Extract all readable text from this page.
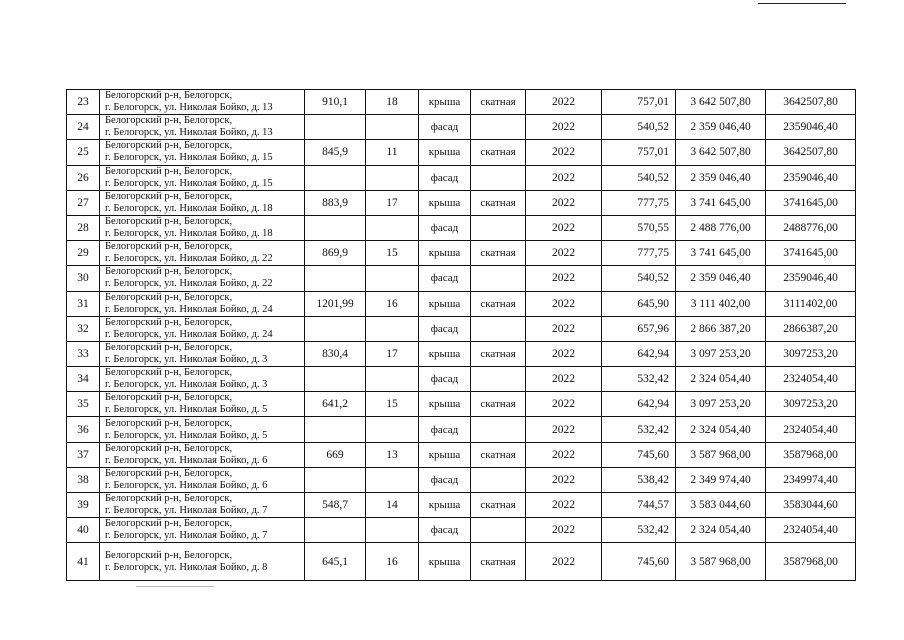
23	Белогорский р-н, Белогорск,
г. Белогорск, ул. Николая Бойко, д. 13	910,1	18	крыша	скатная	2022	757,01	3 642 507,80	3642507,80
24	Белогорский р-н, Белогорск,
г. Белогорск, ул. Николая Бойко, д. 13			фасад		2022	540,52	2 359 046,40	2359046,40
25	Белогорский р-н, Белогорск,
г. Белогорск, ул. Николая Бойко, д. 15	845,9	11	крыша	скатная	2022	757,01	3 642 507,80	3642507,80
26	Белогорский р-н, Белогорск,
г. Белогорск, ул. Николая Бойко, д. 15			фасад		2022	540,52	2 359 046,40	2359046,40
27	Белогорский р-н, Белогорск,
г. Белогорск, ул. Николая Бойко, д. 18	883,9	17	крыша	скатная	2022	777,75	3 741 645,00	3741645,00
28	Белогорский р-н, Белогорск,
г. Белогорск, ул. Николая Бойко, д. 18			фасад		2022	570,55	2 488 776,00	2488776,00
29	Белогорский р-н, Белогорск,
г. Белогорск, ул. Николая Бойко, д. 22	869,9	15	крыша	скатная	2022	777,75	3 741 645,00	3741645,00
30	Белогорский р-н, Белогорск,
г. Белогорск, ул. Николая Бойко, д. 22			фасад		2022	540,52	2 359 046,40	2359046,40
31	Белогорский р-н, Белогорск,
г. Белогорск, ул. Николая Бойко, д. 24	1201,99	16	крыша	скатная	2022	645,90	3 111 402,00	3111402,00
32	Белогорский р-н, Белогорск,
г. Белогорск, ул. Николая Бойко, д. 24			фасад		2022	657,96	2 866 387,20	2866387,20
33	Белогорский р-н, Белогорск,
г. Белогорск, ул. Николая Бойко, д. 3	830,4	17	крыша	скатная	2022	642,94	3 097 253,20	3097253,20
34	Белогорский р-н, Белогорск,
г. Белогорск, ул. Николая Бойко, д. 3			фасад		2022	532,42	2 324 054,40	2324054,40
35	Белогорский р-н, Белогорск,
г. Белогорск, ул. Николая Бойко, д. 5	641,2	15	крыша	скатная	2022	642,94	3 097 253,20	3097253,20
36	Белогорский р-н, Белогорск,
г. Белогорск, ул. Николая Бойко, д. 5			фасад		2022	532,42	2 324 054,40	2324054,40
37	Белогорский р-н, Белогорск,
г. Белогорск, ул. Николая Бойко, д. 6	669	13	крыша	скатная	2022	745,60	3 587 968,00	3587968,00
38	Белогорский р-н, Белогорск,
г. Белогорск, ул. Николая Бойко, д. 6			фасад		2022	538,42	2 349 974,40	2349974,40
39	Белогорский р-н, Белогорск,
г. Белогорск, ул. Николая Бойко, д. 7	548,7	14	крыша	скатная	2022	744,57	3 583 044,60	3583044,60
40	Белогорский р-н, Белогорск,
г. Белогорск, ул. Николая Бойко, д. 7			фасад		2022	532,42	2 324 054,40	2324054,40
41	Белогорский р-н, Белогорск,
г. Белогорск, ул. Николая Бойко, д. 8	645,1	16	крыша	скатная	2022	745,60	3 587 968,00	3587968,00
